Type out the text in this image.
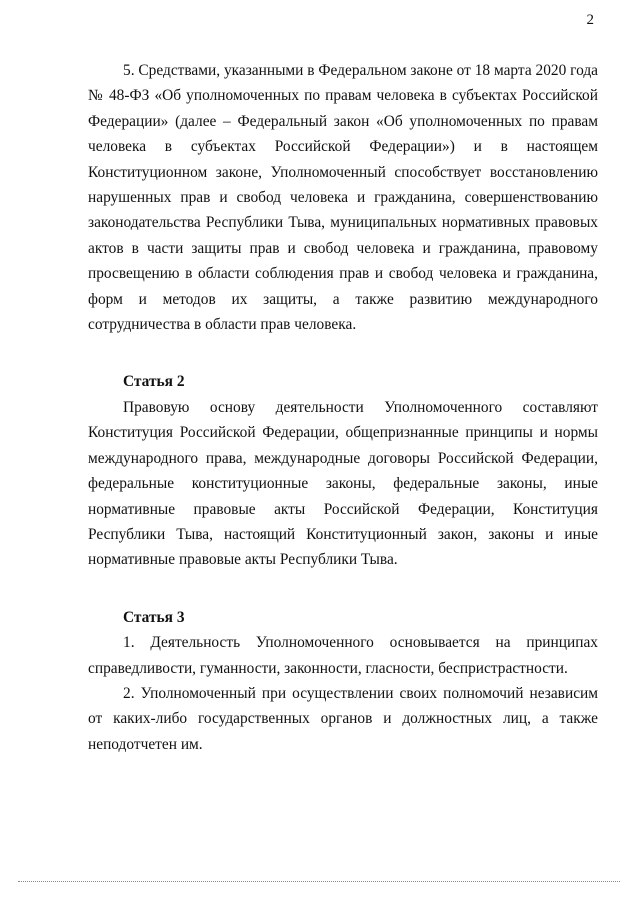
2

5. Средствами, указанными в Федеральном законе от 18 марта 2020 года № 48-ФЗ «Об уполномоченных по правам человека в субъектах Российской Федерации» (далее – Федеральный закон «Об уполномоченных по правам человека в субъектах Российской Федерации») и в настоящем Конституционном законе, Уполномоченный способствует восстановлению нарушенных прав и свобод человека и гражданина, совершенствованию законодательства Республики Тыва, муниципальных нормативных правовых актов в части защиты прав и свобод человека и гражданина, правовому просвещению в области соблюдения прав и свобод человека и гражданина, форм и методов их защиты, а также развитию международного сотрудничества в области прав человека.

Статья 2

Правовую основу деятельности Уполномоченного составляют Конституция Российской Федерации, общепризнанные принципы и нормы международного права, международные договоры Российской Федерации, федеральные конституционные законы, федеральные законы, иные нормативные правовые акты Российской Федерации, Конституция Республики Тыва, настоящий Конституционный закон, законы и иные нормативные правовые акты Республики Тыва.

Статья 3

1. Деятельность Уполномоченного основывается на принципах справедливости, гуманности, законности, гласности, беспристрастности.

2. Уполномоченный при осуществлении своих полномочий независим от каких-либо государственных органов и должностных лиц, а также неподотчетен им.
